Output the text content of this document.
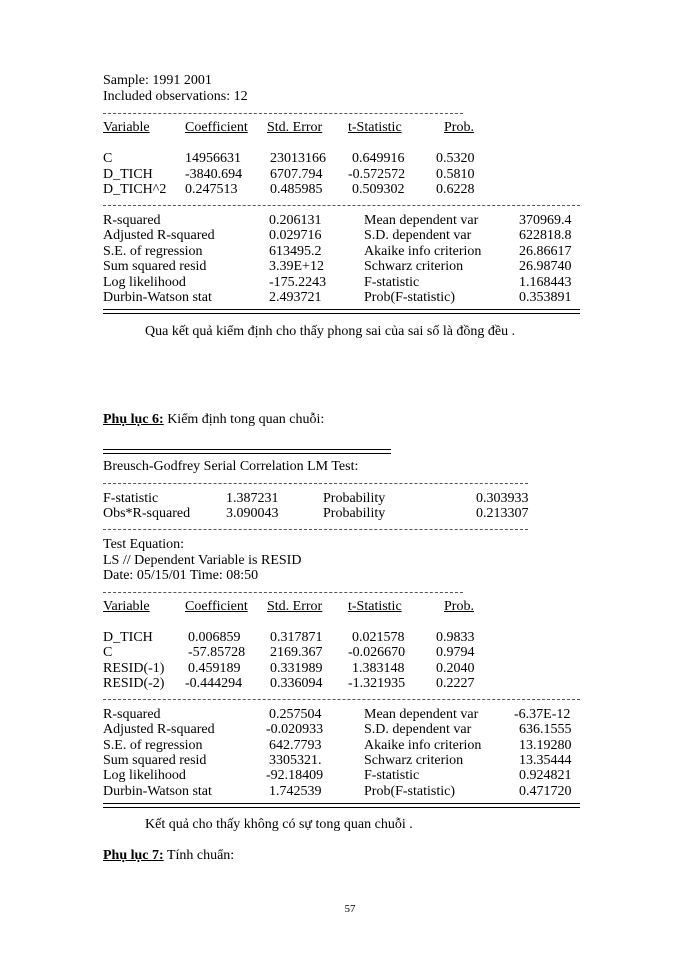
Sample: 1991 2001
Included observations: 12
Variable	Coefficient Std. Error t-Statistic	Prob.
C	14956631 23013166 0.649916 0.5320
D_TICH -3840.694 6707.794 -0.572572 0.5810
D_TICH^2 0.247513 0.485985 0.509302 0.6228
R-squared	0.206131	Mean dependent var	370969.4
Adjusted R-squared	0.029716	S.D. dependent var	622818.8
S.E. of regression	613495.2	Akaike info criterion	26.86617
Sum squared resid	3.39E+12	Schwarz criterion	26.98740
Log likelihood	-175.2243	F-statistic	1.168443
Durbin-Watson stat	2.493721	Prob(F-statistic)	0.353891
Qua kết quả kiểm định cho thấy phong sai của sai số là đồng đều .
Phụ lục 6: Kiểm định tong quan chuỗi:
Breusch-Godfrey Serial Correlation LM Test:
F-statistic	1.387231	Probability	0.303933
Obs*R-squared	3.090043	Probability	0.213307
Test Equation:
LS // Dependent Variable is RESID
Date: 05/15/01 Time: 08:50
Variable	Coefficient Std. Error t-Statistic	Prob.
D_TICH	0.006859 0.317871 0.021578 0.9833
C	-57.85728 2169.367 -0.026670 0.9794
RESID(-1) 0.459189 0.331989 1.383148 0.2040
RESID(-2) -0.444294 0.336094 -1.321935 0.2227
R-squared	0.257504	Mean dependent var	-6.37E-12
Adjusted R-squared	-0.020933	S.D. dependent var	636.1555
S.E. of regression	642.7793	Akaike info criterion	13.19280
Sum squared resid	3305321.	Schwarz criterion	13.35444
Log likelihood	-92.18409	F-statistic	0.924821
Durbin-Watson stat	1.742539	Prob(F-statistic)	0.471720
Kết quả cho thấy không có sự tong quan chuỗi .
Phụ lục 7: Tính chuẩn:
57
